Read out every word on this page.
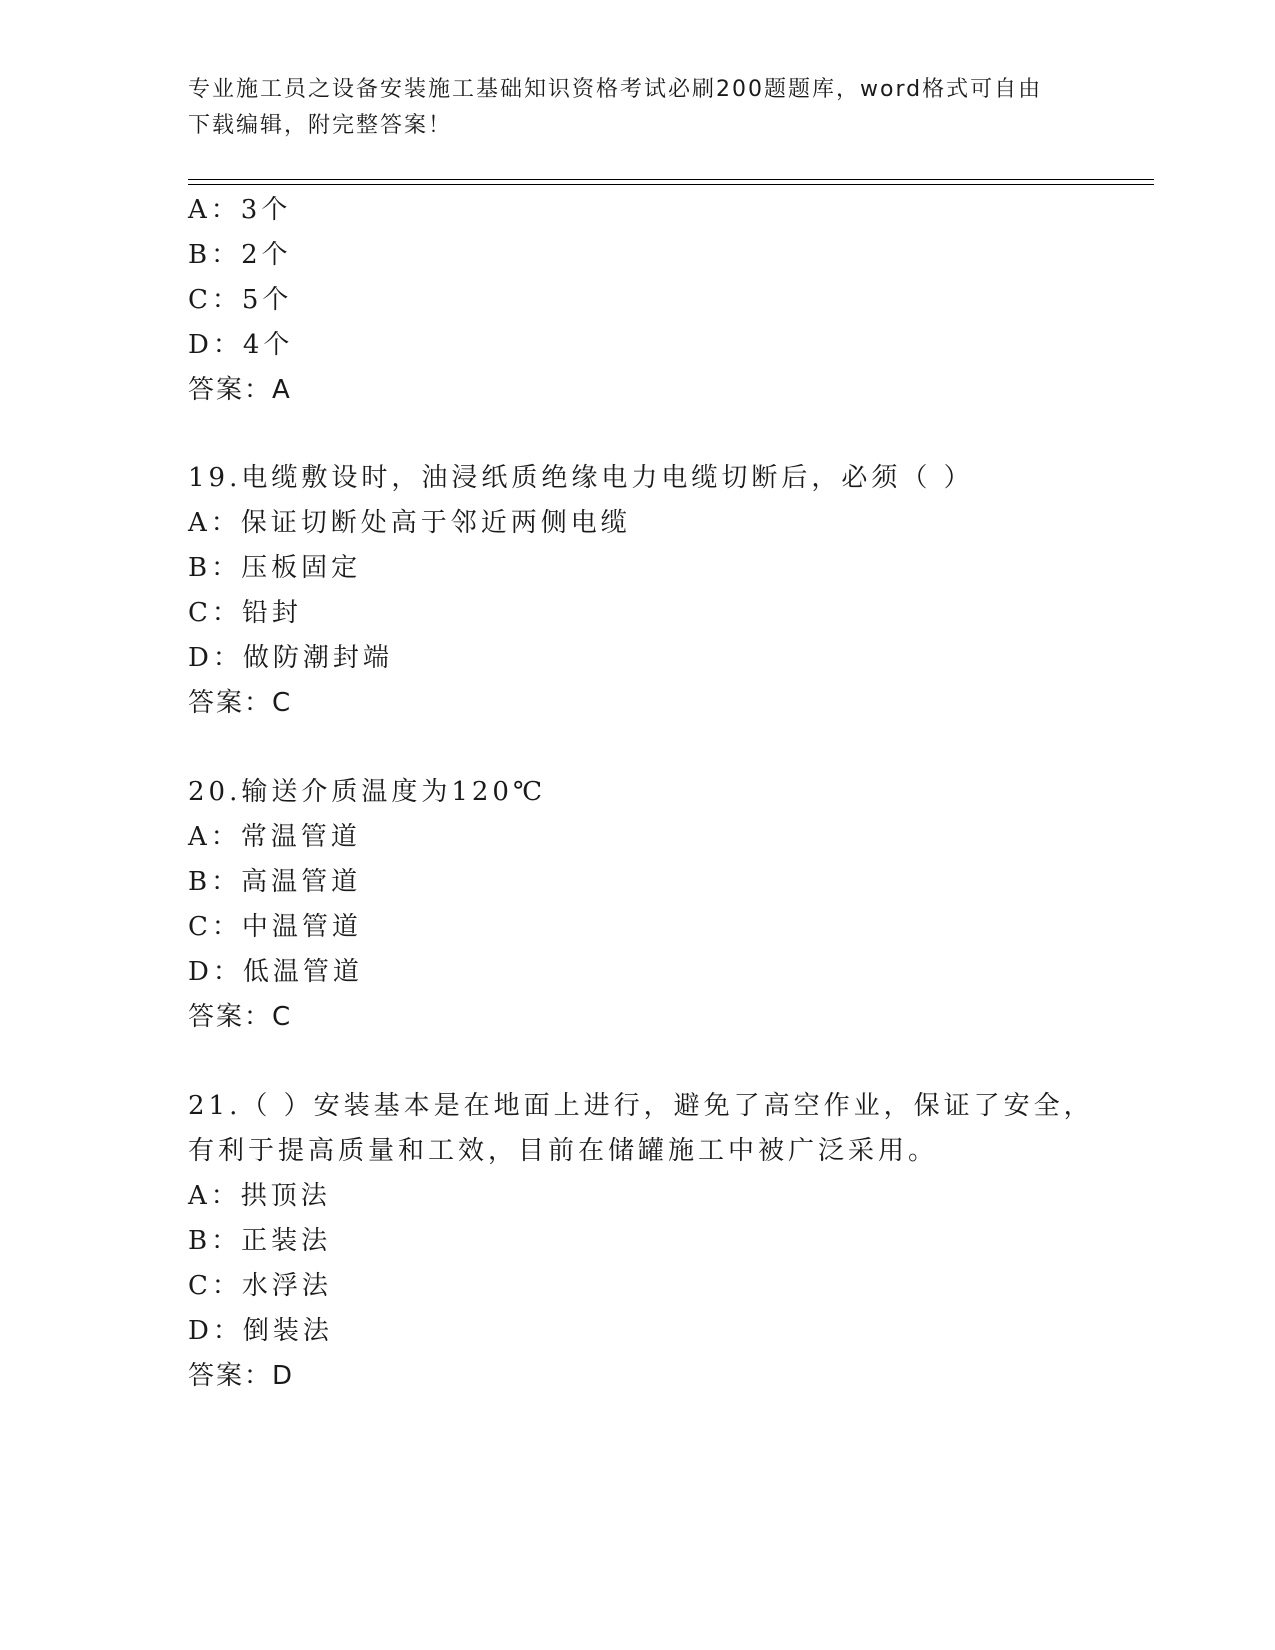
专业施工员之设备安装施工基础知识资格考试必刷200题题库，word格式可自由
下载编辑，附完整答案！
A：3个
B：2个
C：5个
D：4个
答案：A
19.电缆敷设时，油浸纸质绝缘电力电缆切断后，必须（ ）
A：保证切断处高于邻近两侧电缆
B：压板固定
C：铅封
D：做防潮封端
答案：C
20.输送介质温度为120℃
A：常温管道
B：高温管道
C：中温管道
D：低温管道
答案：C
21.（ ）安装基本是在地面上进行，避免了高空作业，保证了安全，
有利于提高质量和工效，目前在储罐施工中被广泛采用。
A：拱顶法
B：正装法
C：水浮法
D：倒装法
答案：D
